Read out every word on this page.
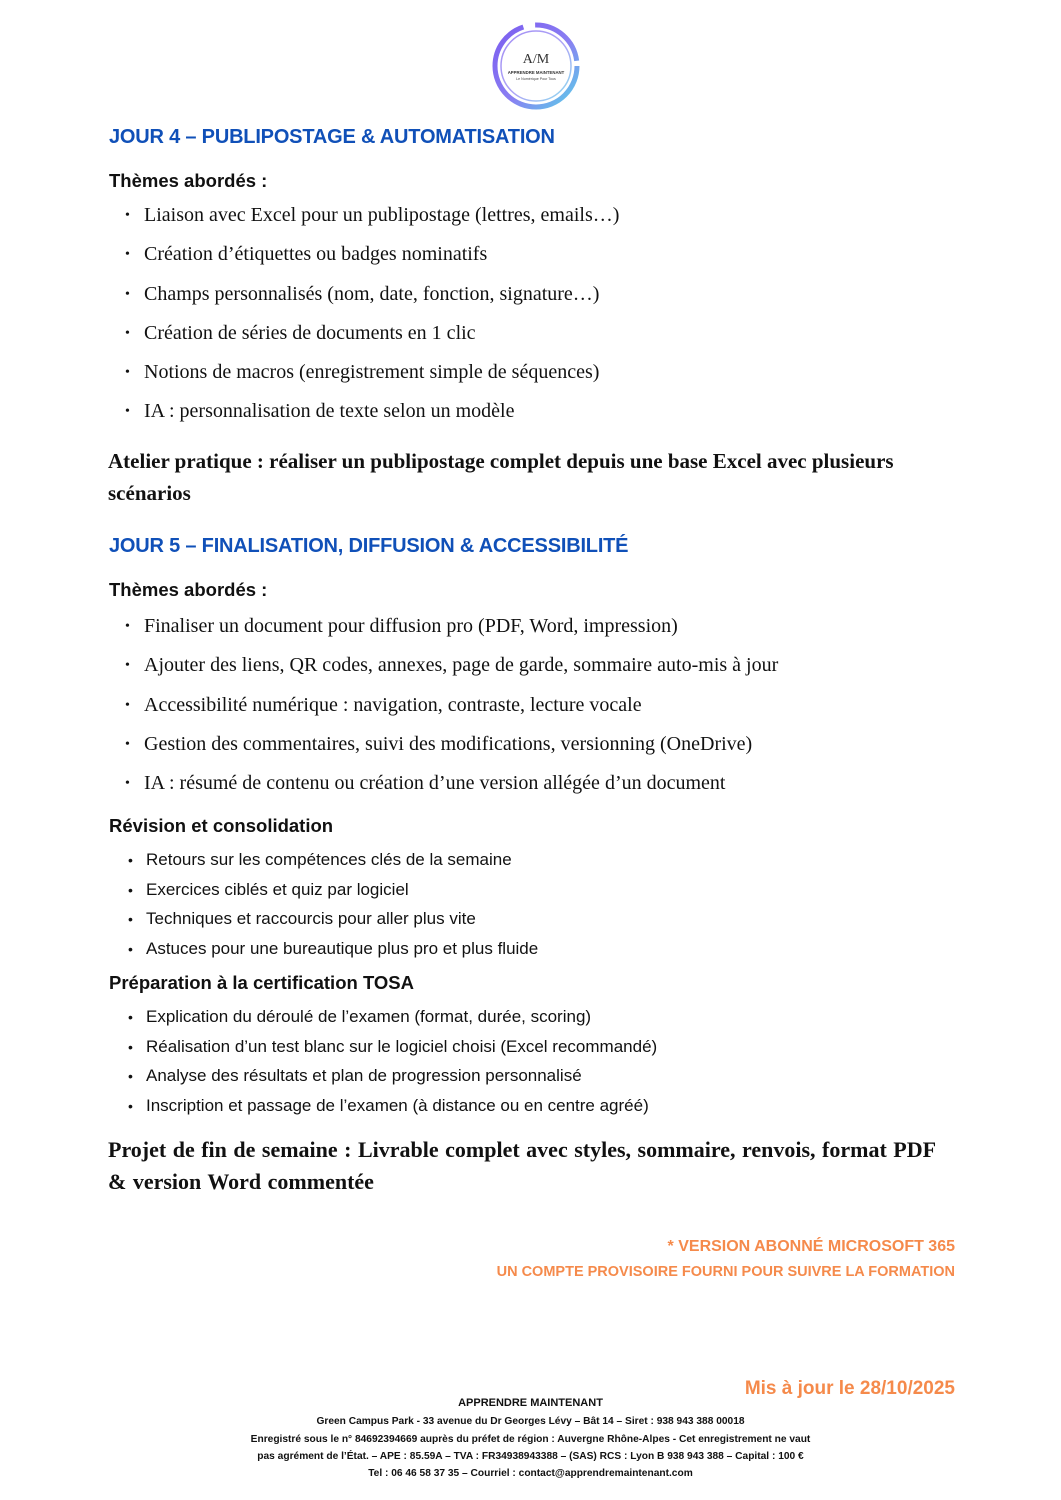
A/M
APPRENDRE MAINTENANT
Le Numérique Pour Tous
JOUR 4 – PUBLIPOSTAGE & AUTOMATISATION
Thèmes abordés :
• Liaison avec Excel pour un publipostage (lettres, emails…)
• Création d’étiquettes ou badges nominatifs
• Champs personnalisés (nom, date, fonction, signature…)
• Création de séries de documents en 1 clic
• Notions de macros (enregistrement simple de séquences)
• IA : personnalisation de texte selon un modèle
Atelier pratique : réaliser un publipostage complet depuis une base Excel avec plusieurs
scénarios
JOUR 5 – FINALISATION, DIFFUSION & ACCESSIBILITÉ
Thèmes abordés :
• Finaliser un document pour diffusion pro (PDF, Word, impression)
• Ajouter des liens, QR codes, annexes, page de garde, sommaire auto-mis à jour
• Accessibilité numérique : navigation, contraste, lecture vocale
• Gestion des commentaires, suivi des modifications, versionning (OneDrive)
• IA : résumé de contenu ou création d’une version allégée d’un document
Révision et consolidation
• Retours sur les compétences clés de la semaine
• Exercices ciblés et quiz par logiciel
• Techniques et raccourcis pour aller plus vite
• Astuces pour une bureautique plus pro et plus fluide
Préparation à la certification TOSA
• Explication du déroulé de l’examen (format, durée, scoring)
• Réalisation d’un test blanc sur le logiciel choisi (Excel recommandé)
• Analyse des résultats et plan de progression personnalisé
• Inscription et passage de l’examen (à distance ou en centre agréé)
Projet de fin de semaine : Livrable complet avec styles, sommaire, renvois, format PDF
& version Word commentée
* VERSION ABONNÉ MICROSOFT 365
UN COMPTE PROVISOIRE FOURNI POUR SUIVRE LA FORMATION
Mis à jour le 28/10/2025
APPRENDRE MAINTENANT
Green Campus Park - 33 avenue du Dr Georges Lévy – Bât 14 – Siret : 938 943 388 00018
Enregistré sous le n° 84692394669 auprès du préfet de région : Auvergne Rhône-Alpes - Cet enregistrement ne vaut
pas agrément de l’État. – APE : 85.59A – TVA : FR34938943388 – (SAS) RCS : Lyon B 938 943 388 – Capital : 100 €
Tel : 06 46 58 37 35 – Courriel : contact@apprendremaintenant.com
